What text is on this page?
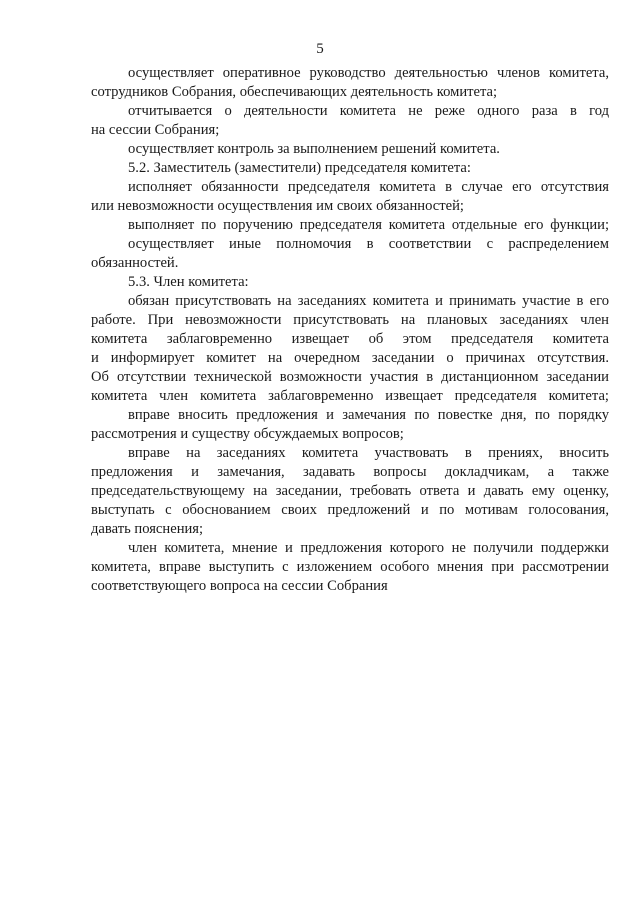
5
осуществляет оперативное руководство деятельностью членов комитета,
сотрудников Собрания, обеспечивающих деятельность комитета;
отчитывается о деятельности комитета не реже одного раза в год
на сессии Собрания;
осуществляет контроль за выполнением решений комитета.
5.2. Заместитель (заместители) председателя комитета:
исполняет обязанности председателя комитета в случае его отсутствия
или невозможности осуществления им своих обязанностей;
выполняет по поручению председателя комитета отдельные его функции;
осуществляет иные полномочия в соответствии с распределением
обязанностей.
5.3. Член комитета:
обязан присутствовать на заседаниях комитета и принимать участие в его
работе. При невозможности присутствовать на плановых заседаниях член
комитета заблаговременно извещает об этом председателя комитета
и информирует комитет на очередном заседании о причинах отсутствия.
Об отсутствии технической возможности участия в дистанционном заседании
комитета член комитета заблаговременно извещает председателя комитета;
вправе вносить предложения и замечания по повестке дня, по порядку
рассмотрения и существу обсуждаемых вопросов;
вправе на заседаниях комитета участвовать в прениях, вносить
предложения и замечания, задавать вопросы докладчикам, а также
председательствующему на заседании, требовать ответа и давать ему оценку,
выступать с обоснованием своих предложений и по мотивам голосования,
давать пояснения;
член комитета, мнение и предложения которого не получили поддержки
комитета, вправе выступить с изложением особого мнения при рассмотрении
соответствующего вопроса на сессии Собрания
